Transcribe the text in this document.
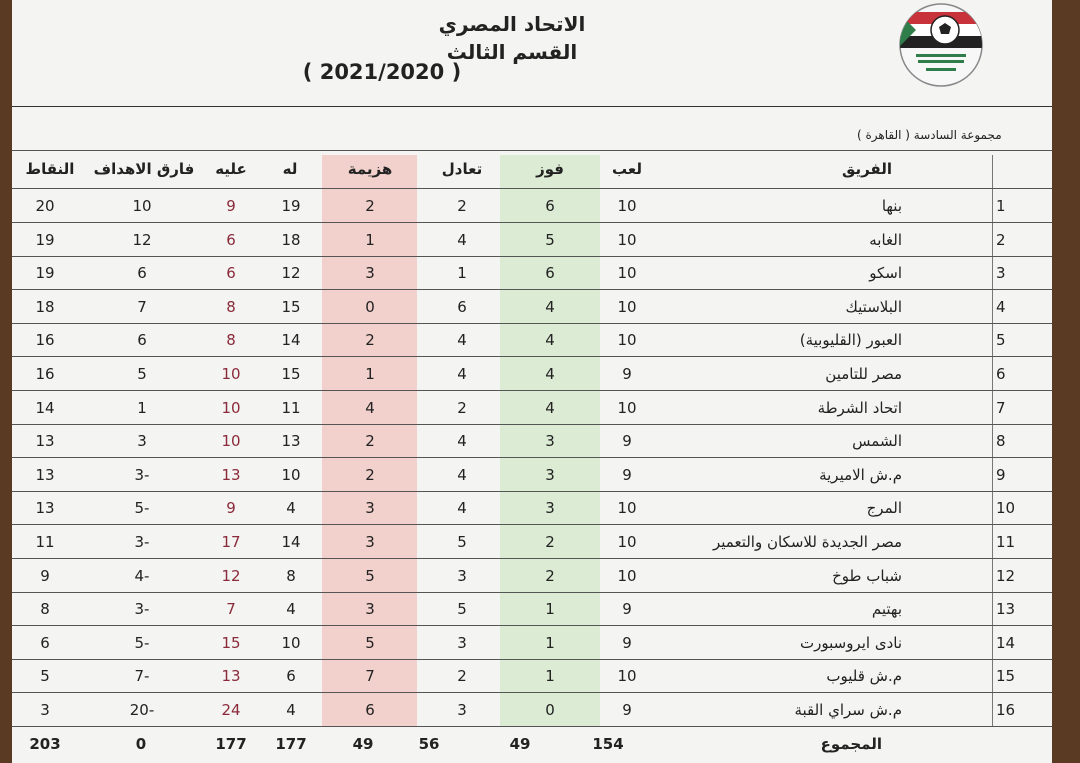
الاتحاد المصري
القسم الثالث
( 2021/2020 )
مجموعة السادسة ( القاهرة )
الفريق
لعب
فوز
تعادل
هزيمة
له
عليه
فارق الاهداف
النقاط
1
بنها
10
6
2
2
19
9
10
20
2
الغابه
10
5
4
1
18
6
12
19
3
اسكو
10
6
1
3
12
6
6
19
4
البلاستيك
10
4
6
0
15
8
7
18
5
العبور (القليوبية)
10
4
4
2
14
8
6
16
6
مصر للتامين
9
4
4
1
15
10
5
16
7
اتحاد الشرطة
10
4
2
4
11
10
1
14
8
الشمس
9
3
4
2
13
10
3
13
9
م.ش الاميرية
9
3
4
2
10
13
3-
13
10
المرج
10
3
4
3
4
9
5-
13
11
مصر الجديدة للاسكان والتعمير
10
2
5
3
14
17
3-
11
12
شباب طوخ
10
2
3
5
8
12
4-
9
13
بهتيم
9
1
5
3
4
7
3-
8
14
نادى ايروسبورت
9
1
3
5
10
15
5-
6
15
م.ش قليوب
10
1
2
7
6
13
7-
5
16
م.ش سراي القبة
9
0
3
6
4
24
20-
3
المجموع
154
49
56
49
177
177
0
203
